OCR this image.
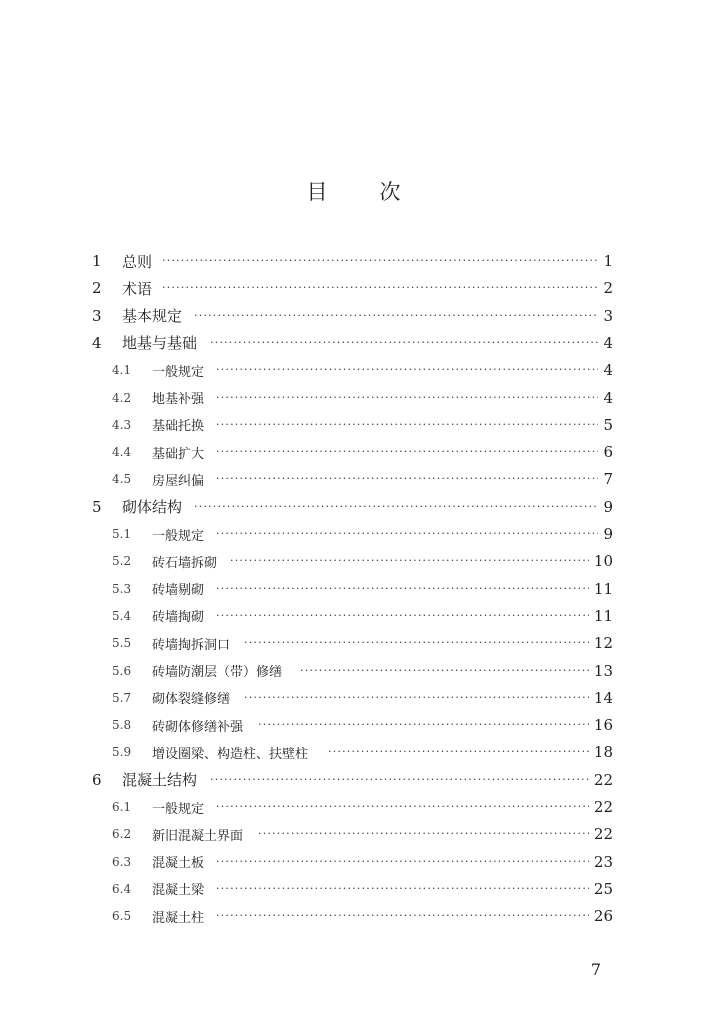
目 次
1 总则 ·····	1
2 术语 ·····	2
3 基本规定 ·····	3
4 地基与基础 ·····	4
4.1 一般规定 ·····	4
4.2 地基补强 ·····	4
4.3 基础托换 ·····	5
4.4 基础扩大 ·····	6
4.5 房屋纠偏 ·····	7
5 砌体结构 ·····	9
5.1 一般规定 ·····	9
5.2 砖石墙拆砌 ·····	10
5.3 砖墙剔砌 ·····	11
5.4 砖墙掏砌 ·····	11
5.5 砖墙掏拆洞口 ·····	12
5.6 砖墙防潮层（带）修缮 ·····	13
5.7 砌体裂缝修缮 ·····	14
5.8 砖砌体修缮补强 ·····	16
5.9 增设圈梁、构造柱、扶壁柱 ·····	18
6 混凝土结构 ·····	22
6.1 一般规定 ·····	22
6.2 新旧混凝土界面 ·····	22
6.3 混凝土板 ·····	23
6.4 混凝土梁 ·····	25
6.5 混凝土柱 ·····	26
7
